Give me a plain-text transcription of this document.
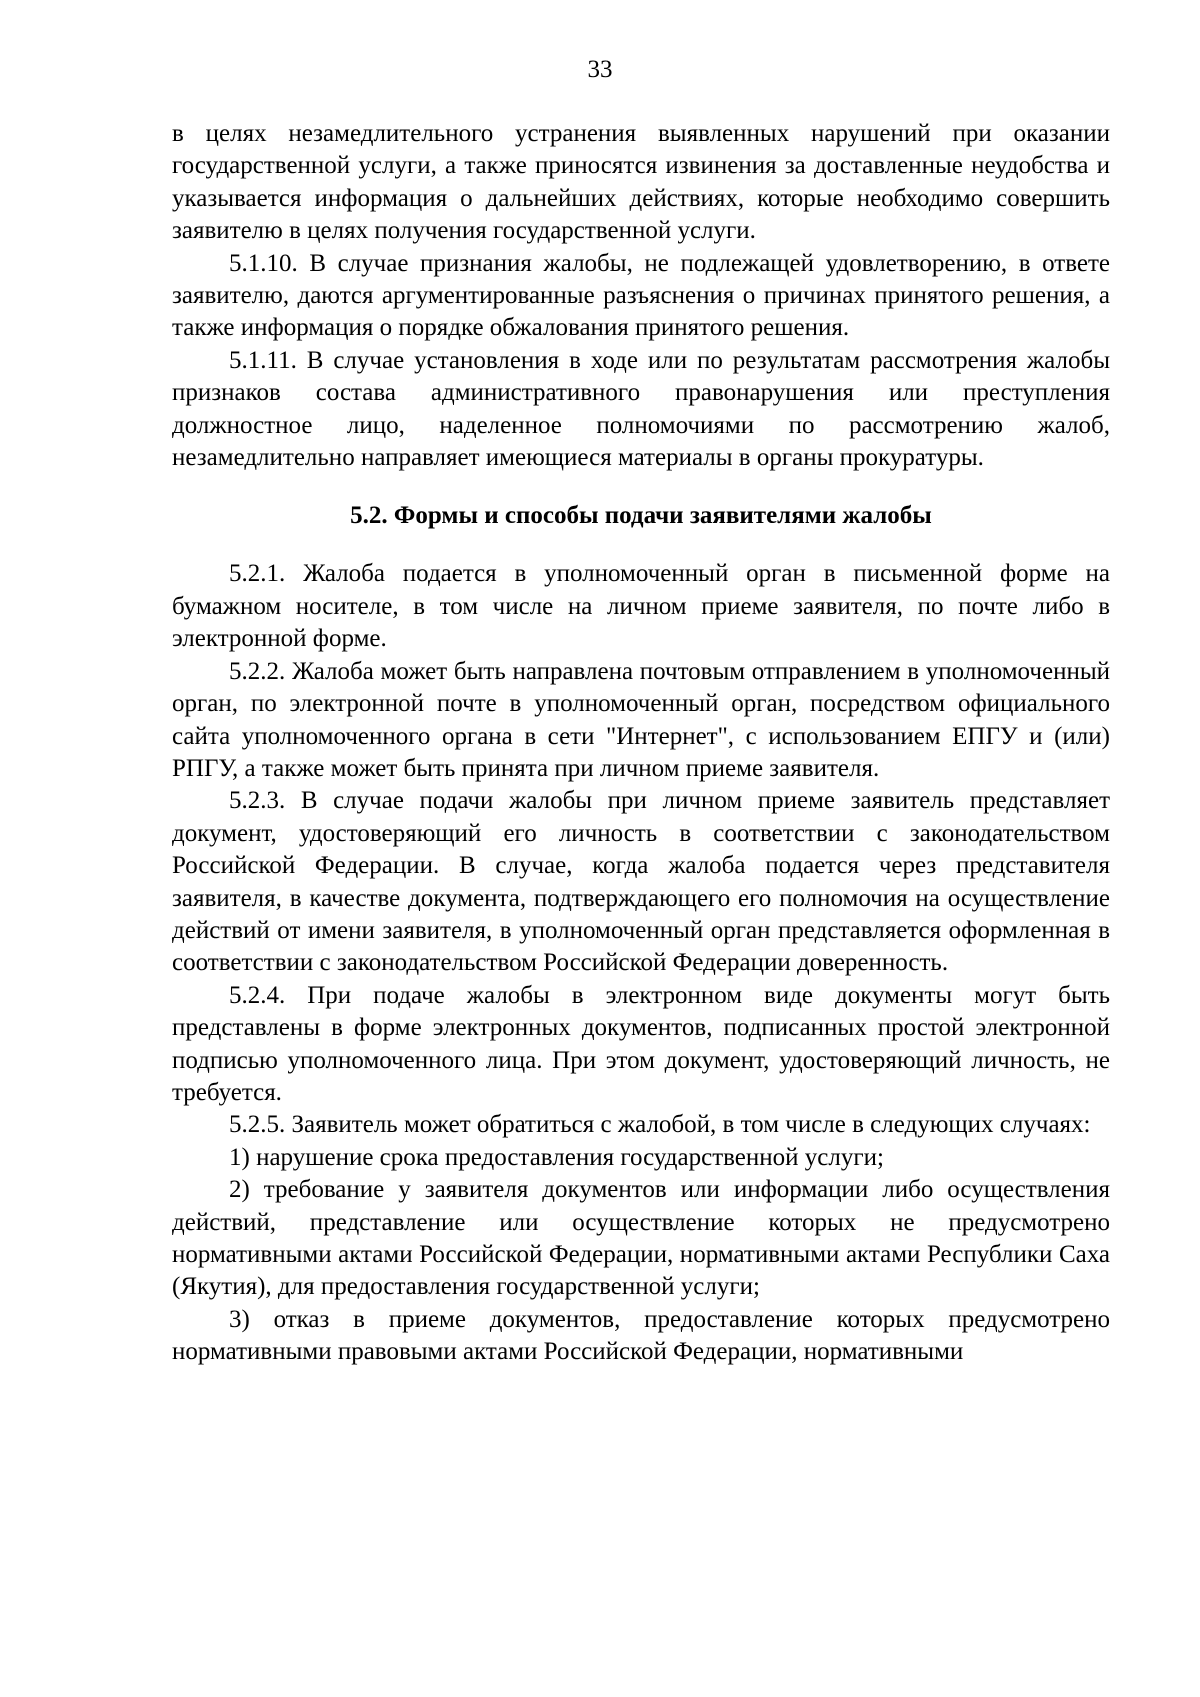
33

в целях незамедлительного устранения выявленных нарушений при оказании государственной услуги, а также приносятся извинения за доставленные неудобства и указывается информация о дальнейших действиях, которые необходимо совершить заявителю в целях получения государственной услуги.

5.1.10. В случае признания жалобы, не подлежащей удовлетворению, в ответе заявителю, даются аргументированные разъяснения о причинах принятого решения, а также информация о порядке обжалования принятого решения.

5.1.11. В случае установления в ходе или по результатам рассмотрения жалобы признаков состава административного правонарушения или преступления должностное лицо, наделенное полномочиями по рассмотрению жалоб, незамедлительно направляет имеющиеся материалы в органы прокуратуры.

5.2. Формы и способы подачи заявителями жалобы

5.2.1. Жалоба подается в уполномоченный орган в письменной форме на бумажном носителе, в том числе на личном приеме заявителя, по почте либо в электронной форме.

5.2.2. Жалоба может быть направлена почтовым отправлением в уполномоченный орган, по электронной почте в уполномоченный орган, посредством официального сайта уполномоченного органа в сети "Интернет", с использованием ЕПГУ и (или) РПГУ, а также может быть принята при личном приеме заявителя.

5.2.3. В случае подачи жалобы при личном приеме заявитель представляет документ, удостоверяющий его личность в соответствии с законодательством Российской Федерации. В случае, когда жалоба подается через представителя заявителя, в качестве документа, подтверждающего его полномочия на осуществление действий от имени заявителя, в уполномоченный орган представляется оформленная в соответствии с законодательством Российской Федерации доверенность.

5.2.4. При подаче жалобы в электронном виде документы могут быть представлены в форме электронных документов, подписанных простой электронной подписью уполномоченного лица. При этом документ, удостоверяющий личность, не требуется.

5.2.5. Заявитель может обратиться с жалобой, в том числе в следующих случаях:

1) нарушение срока предоставления государственной услуги;

2) требование у заявителя документов или информации либо осуществления действий, представление или осуществление которых не предусмотрено нормативными актами Российской Федерации, нормативными актами Республики Саха (Якутия), для предоставления государственной услуги;

3) отказ в приеме документов, предоставление которых предусмотрено нормативными правовыми актами Российской Федерации, нормативными
